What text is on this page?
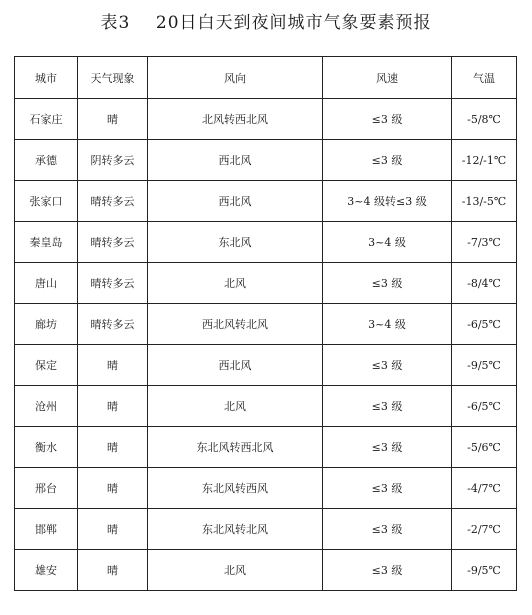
表3    20日白天到夜间城市气象要素预报
城市	天气现象	风向	风速	气温
石家庄	晴	北风转西北风	≤3 级	-5/8℃
承德	阴转多云	西北风	≤3 级	-12/-1℃
张家口	晴转多云	西北风	3~4 级转≤3 级	-13/-5℃
秦皇岛	晴转多云	东北风	3~4 级	-7/3℃
唐山	晴转多云	北风	≤3 级	-8/4℃
廊坊	晴转多云	西北风转北风	3~4 级	-6/5℃
保定	晴	西北风	≤3 级	-9/5℃
沧州	晴	北风	≤3 级	-6/5℃
衡水	晴	东北风转西北风	≤3 级	-5/6℃
邢台	晴	东北风转西风	≤3 级	-4/7℃
邯郸	晴	东北风转北风	≤3 级	-2/7℃
雄安	晴	北风	≤3 级	-9/5℃
